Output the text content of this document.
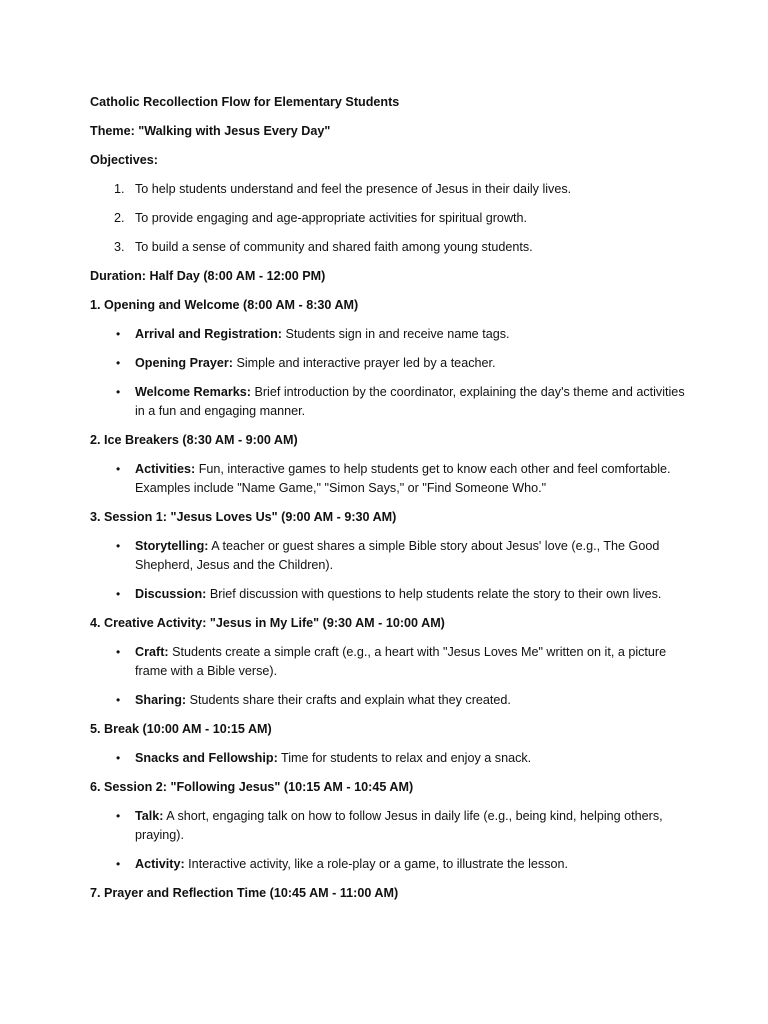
Catholic Recollection Flow for Elementary Students
Theme: "Walking with Jesus Every Day"
Objectives:
1. To help students understand and feel the presence of Jesus in their daily lives.
2. To provide engaging and age-appropriate activities for spiritual growth.
3. To build a sense of community and shared faith among young students.
Duration: Half Day (8:00 AM - 12:00 PM)
1. Opening and Welcome (8:00 AM - 8:30 AM)
• Arrival and Registration: Students sign in and receive name tags.
• Opening Prayer: Simple and interactive prayer led by a teacher.
• Welcome Remarks: Brief introduction by the coordinator, explaining the day's theme and activities in a fun and engaging manner.
2. Ice Breakers (8:30 AM - 9:00 AM)
• Activities: Fun, interactive games to help students get to know each other and feel comfortable. Examples include "Name Game," "Simon Says," or "Find Someone Who."
3. Session 1: "Jesus Loves Us" (9:00 AM - 9:30 AM)
• Storytelling: A teacher or guest shares a simple Bible story about Jesus' love (e.g., The Good Shepherd, Jesus and the Children).
• Discussion: Brief discussion with questions to help students relate the story to their own lives.
4. Creative Activity: "Jesus in My Life" (9:30 AM - 10:00 AM)
• Craft: Students create a simple craft (e.g., a heart with "Jesus Loves Me" written on it, a picture frame with a Bible verse).
• Sharing: Students share their crafts and explain what they created.
5. Break (10:00 AM - 10:15 AM)
• Snacks and Fellowship: Time for students to relax and enjoy a snack.
6. Session 2: "Following Jesus" (10:15 AM - 10:45 AM)
• Talk: A short, engaging talk on how to follow Jesus in daily life (e.g., being kind, helping others, praying).
• Activity: Interactive activity, like a role-play or a game, to illustrate the lesson.
7. Prayer and Reflection Time (10:45 AM - 11:00 AM)
